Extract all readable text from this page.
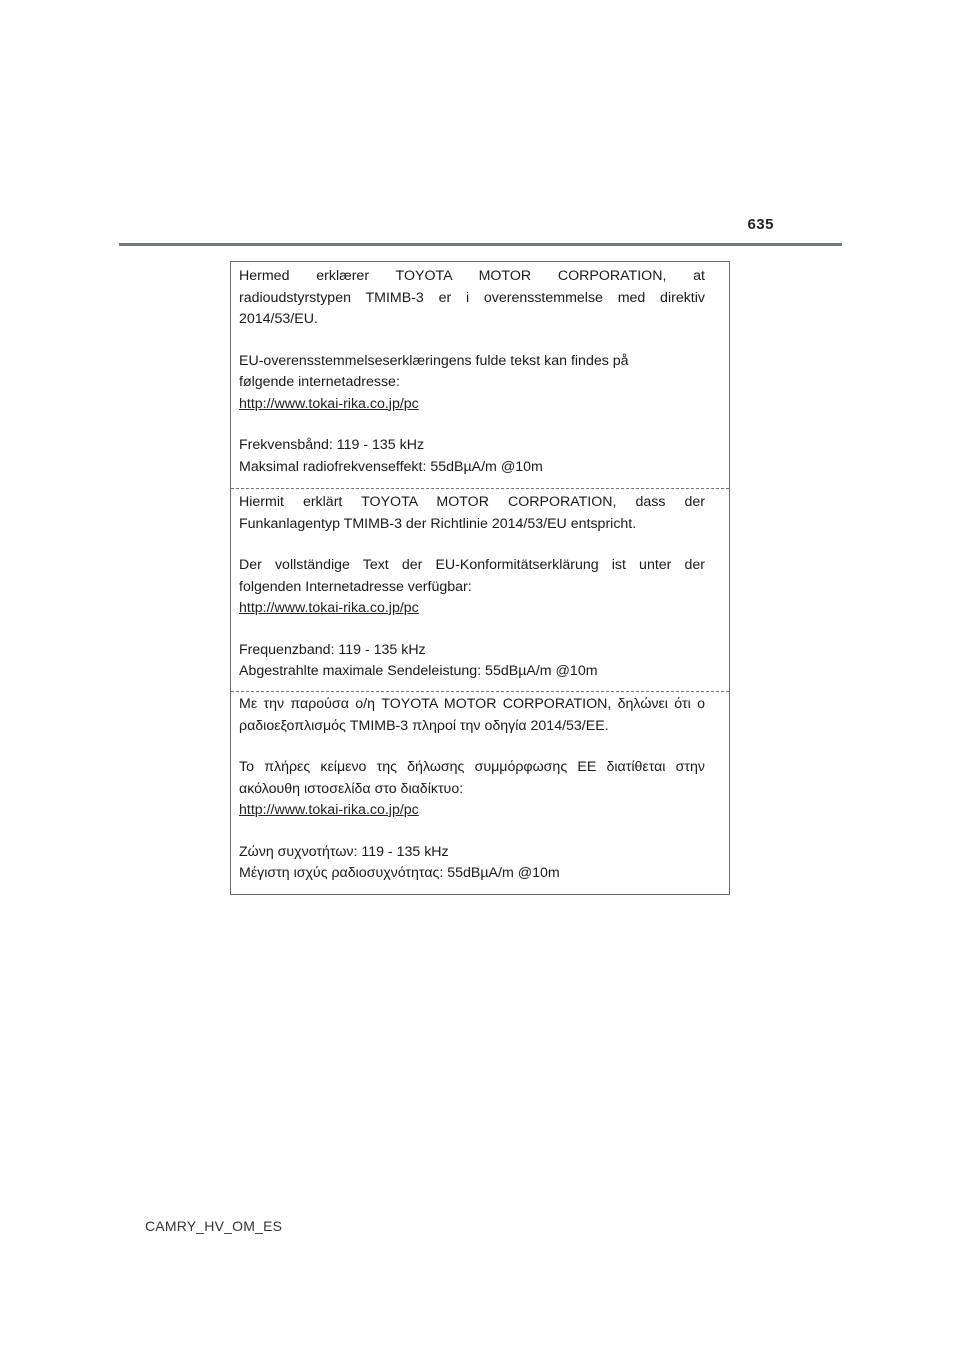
635

Hermed erklærer TOYOTA MOTOR CORPORATION, at radioudstyrstypen TMIMB-3 er i overensstemmelse med direktiv 2014/53/EU.

EU-overensstemmelseserklæringens fulde tekst kan findes på
følgende internetadresse:
http://www.tokai-rika.co.jp/pc

Frekvensbånd: 119 - 135 kHz
Maksimal radiofrekvenseffekt: 55dBµA/m @10m

Hiermit erklärt TOYOTA MOTOR CORPORATION, dass der Funkanlagentyp TMIMB-3 der Richtlinie 2014/53/EU entspricht.

Der vollständige Text der EU-Konformitätserklärung ist unter der folgenden Internetadresse verfügbar:
http://www.tokai-rika.co.jp/pc

Frequenzband: 119 - 135 kHz
Abgestrahlte maximale Sendeleistung: 55dBµA/m @10m

Με την παρούσα ο/η TOYOTA MOTOR CORPORATION, δηλώνει ότι ο ραδιοεξοπλισμός TMIMB-3 πληροί την οδηγία 2014/53/ΕΕ.

Το πλήρες κείμενο της δήλωσης συμμόρφωσης ΕΕ διατίθεται στην ακόλουθη ιστοσελίδα στο διαδίκτυο:
http://www.tokai-rika.co.jp/pc

Ζώνη συχνοτήτων: 119 - 135 kHz
Μέγιστη ισχύς ραδιοσυχνότητας: 55dBµA/m @10m

CAMRY_HV_OM_ES
